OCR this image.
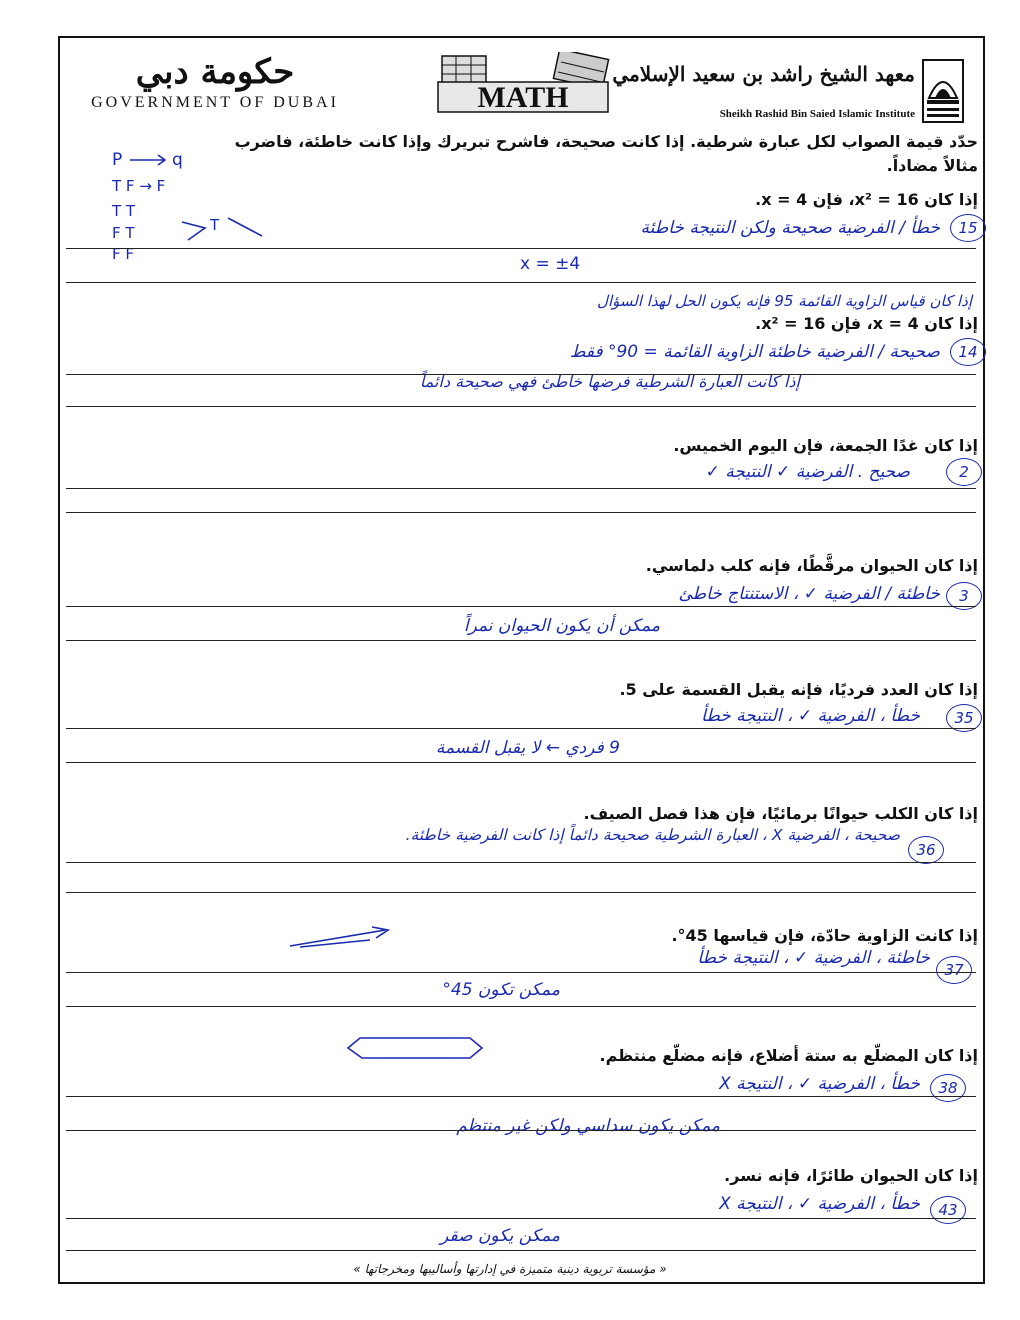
حكومة دبي
GOVERNMENT OF DUBAI	MATH
معهد الشيخ راشد بن سعيد الإسلامي
Sheikh Rashid Bin Saied Islamic Institute
حدّد قيمة الصواب لكل عبارة شرطية. إذا كانت صحيحة، فاشرح تبريرك وإذا كانت خاطئة، فاضرب مثالاً مضاداً.
P	q
T F → F
T T
F T
F F
T
إذا كان x² = 16، فإن x = 4.
15
خطأ / الفرضية صحيحة ولكن النتيجة خاطئة
x = ±4
إذا كان قياس الزاوية القائمة 95 فإنه يكون الحل لهذا السؤال
إذا كان x = 4، فإن x² = 16.
14
صحيحة / الفرضية خاطئة الزاوية القائمة = 90° فقط
إذا كانت العبارة الشرطية فرضها خاطئ فهي صحيحة دائماً
إذا كان غدًا الجمعة، فإن اليوم الخميس.
2
صحيح . الفرضية ✓ النتيجة ✓
إذا كان الحيوان مرقَّطًا، فإنه كلب دلماسي.
3
خاطئة / الفرضية ✓ ، الاستنتاج خاطئ
ممكن أن يكون الحيوان نمراً
إذا كان العدد فرديًا، فإنه يقبل القسمة على 5.
35
خطأ ، الفرضية ✓ ، النتيجة خطأ
9 فردي ← لا يقبل القسمة
إذا كان الكلب حيوانًا برمائيًا، فإن هذا فصل الصيف.
36
صحيحة ، الفرضية X ، العبارة الشرطية صحيحة دائماً إذا كانت الفرضية خاطئة.
إذا كانت الزاوية حادّة، فإن قياسها 45°.
37
خاطئة ، الفرضية ✓ ، النتيجة خطأ
ممكن تكون 45°
إذا كان المضلّع به ستة أضلاع، فإنه مضلّع منتظم.
38
خطأ ، الفرضية ✓ ، النتيجة X
ممكن يكون سداسي ولكن غير منتظم
إذا كان الحيوان طائرًا، فإنه نسر.
43
خطأ ، الفرضية ✓ ، النتيجة X
ممكن يكون صقر
« مؤسسة تربوية دينية متميزة في إدارتها وأساليبها ومخرجاتها »
